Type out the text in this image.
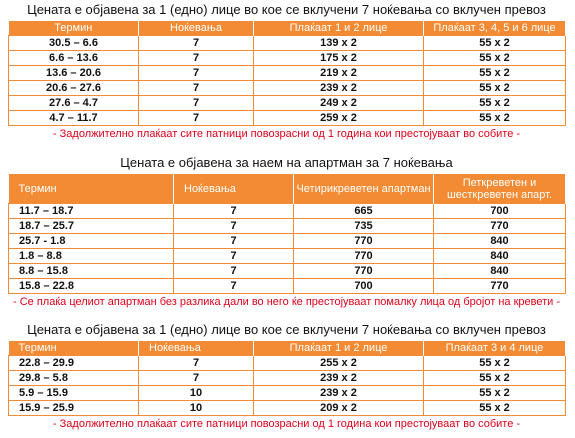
Цената е објавена за 1 (едно) лице во кое се вклучени 7 ноќевања со вклучен превоз
Термин	Ноќевања	Плаќаат 1 и 2 лице	Плаќаат 3, 4, 5 и 6 лице
30.5 – 6.6	7	139 x 2	55 x 2
6.6 – 13.6	7	175 x 2	55 x 2
13.6 – 20.6	7	219 x 2	55 x 2
20.6 – 27.6	7	239 x 2	55 x 2
27.6 – 4.7	7	249 x 2	55 x 2
4.7 – 11.7	7	259 x 2	55 x 2
- Задолжително плаќаат сите патници повозрасни од 1 година кои престојуваат во собите -
Цената е објавена за наем на апартман за 7 ноќевања
Термин	Ноќевања	Четирикреветен апартман	Петкреветен и шесткреветен апарт.
11.7 – 18.7	7	665	700
18.7 – 25.7	7	735	770
25.7 - 1.8	7	770	840
1.8 – 8.8	7	770	840
8.8 – 15.8	7	770	840
15.8 – 22.8	7	700	770
- Се плаќа целиот апартман без разлика дали во него ќе престојуваат помалку лица од бројот на кревети -
Цената е објавена за 1 (едно) лице во кое се вклучени 7 ноќевања со вклучен превоз
Термин	Ноќевања	Плаќаат 1 и 2 лице	Плаќаат 3 и 4 лице
22.8 – 29.9	7	255 x 2	55 x 2
29.8 – 5.8	7	239 x 2	55 x 2
5.9 – 15.9	10	239 x 2	55 x 2
15.9 – 25.9	10	209 x 2	55 x 2
- Задолжително плаќаат сите патници повозрасни од 1 година кои престојуваат во собите -
